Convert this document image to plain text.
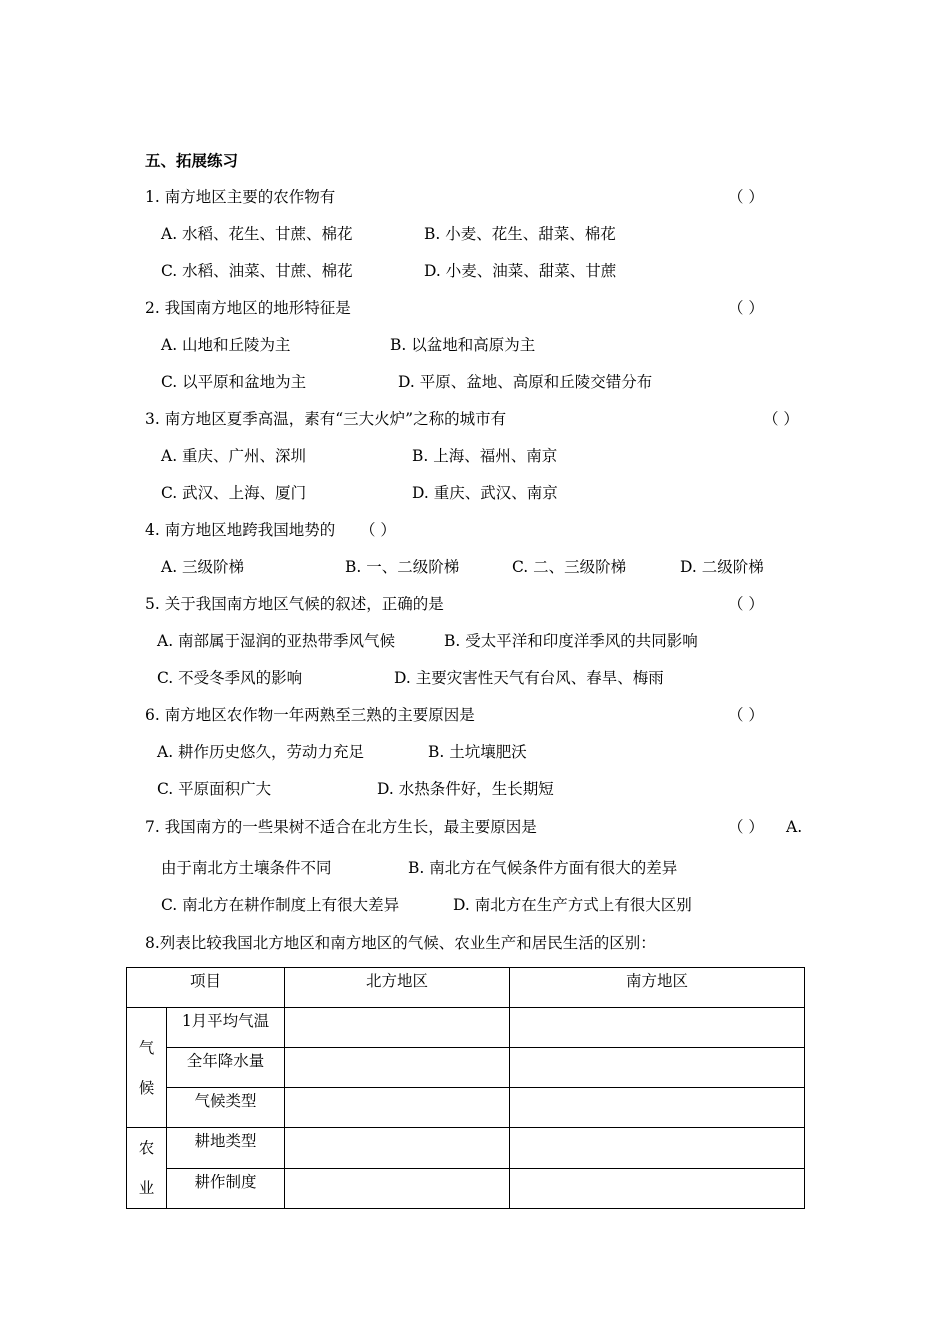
五、拓展练习
1. 南方地区主要的农作物有	（ ）
A. 水稻、花生、甘蔗、棉花	B. 小麦、花生、甜菜、棉花
C. 水稻、油菜、甘蔗、棉花	D. 小麦、油菜、甜菜、甘蔗
2. 我国南方地区的地形特征是	（ ）
A. 山地和丘陵为主	B. 以盆地和高原为主
C. 以平原和盆地为主	D. 平原、盆地、高原和丘陵交错分布
3. 南方地区夏季高温，素有“三大火炉”之称的城市有	（ ）
A. 重庆、广州、深圳	B. 上海、福州、南京
C. 武汉、上海、厦门	D. 重庆、武汉、南京
4. 南方地区地跨我国地势的 （ ）
A. 三级阶梯	B. 一、二级阶梯	C. 二、三级阶梯	D. 二级阶梯
5. 关于我国南方地区气候的叙述，正确的是	（ ）
A. 南部属于湿润的亚热带季风气候	B. 受太平洋和印度洋季风的共同影响
C. 不受冬季风的影响	D. 主要灾害性天气有台风、春旱、梅雨
6. 南方地区农作物一年两熟至三熟的主要原因是	（ ）
A. 耕作历史悠久，劳动力充足	B. 土坑壤肥沃
C. 平原面积广大	D. 水热条件好，生长期短
7. 我国南方的一些果树不适合在北方生长，最主要原因是	（ ） A.
由于南北方土壤条件不同	B. 南北方在气候条件方面有很大的差异
C. 南北方在耕作制度上有很大差异	D. 南北方在生产方式上有很大区别
8.列表比较我国北方地区和南方地区的气候、农业生产和居民生活的区别：
项目		北方地区	南方地区
气
候	1月平均气温		
	全年降水量		
	气候类型		
农
业	耕地类型		
	耕作制度		
